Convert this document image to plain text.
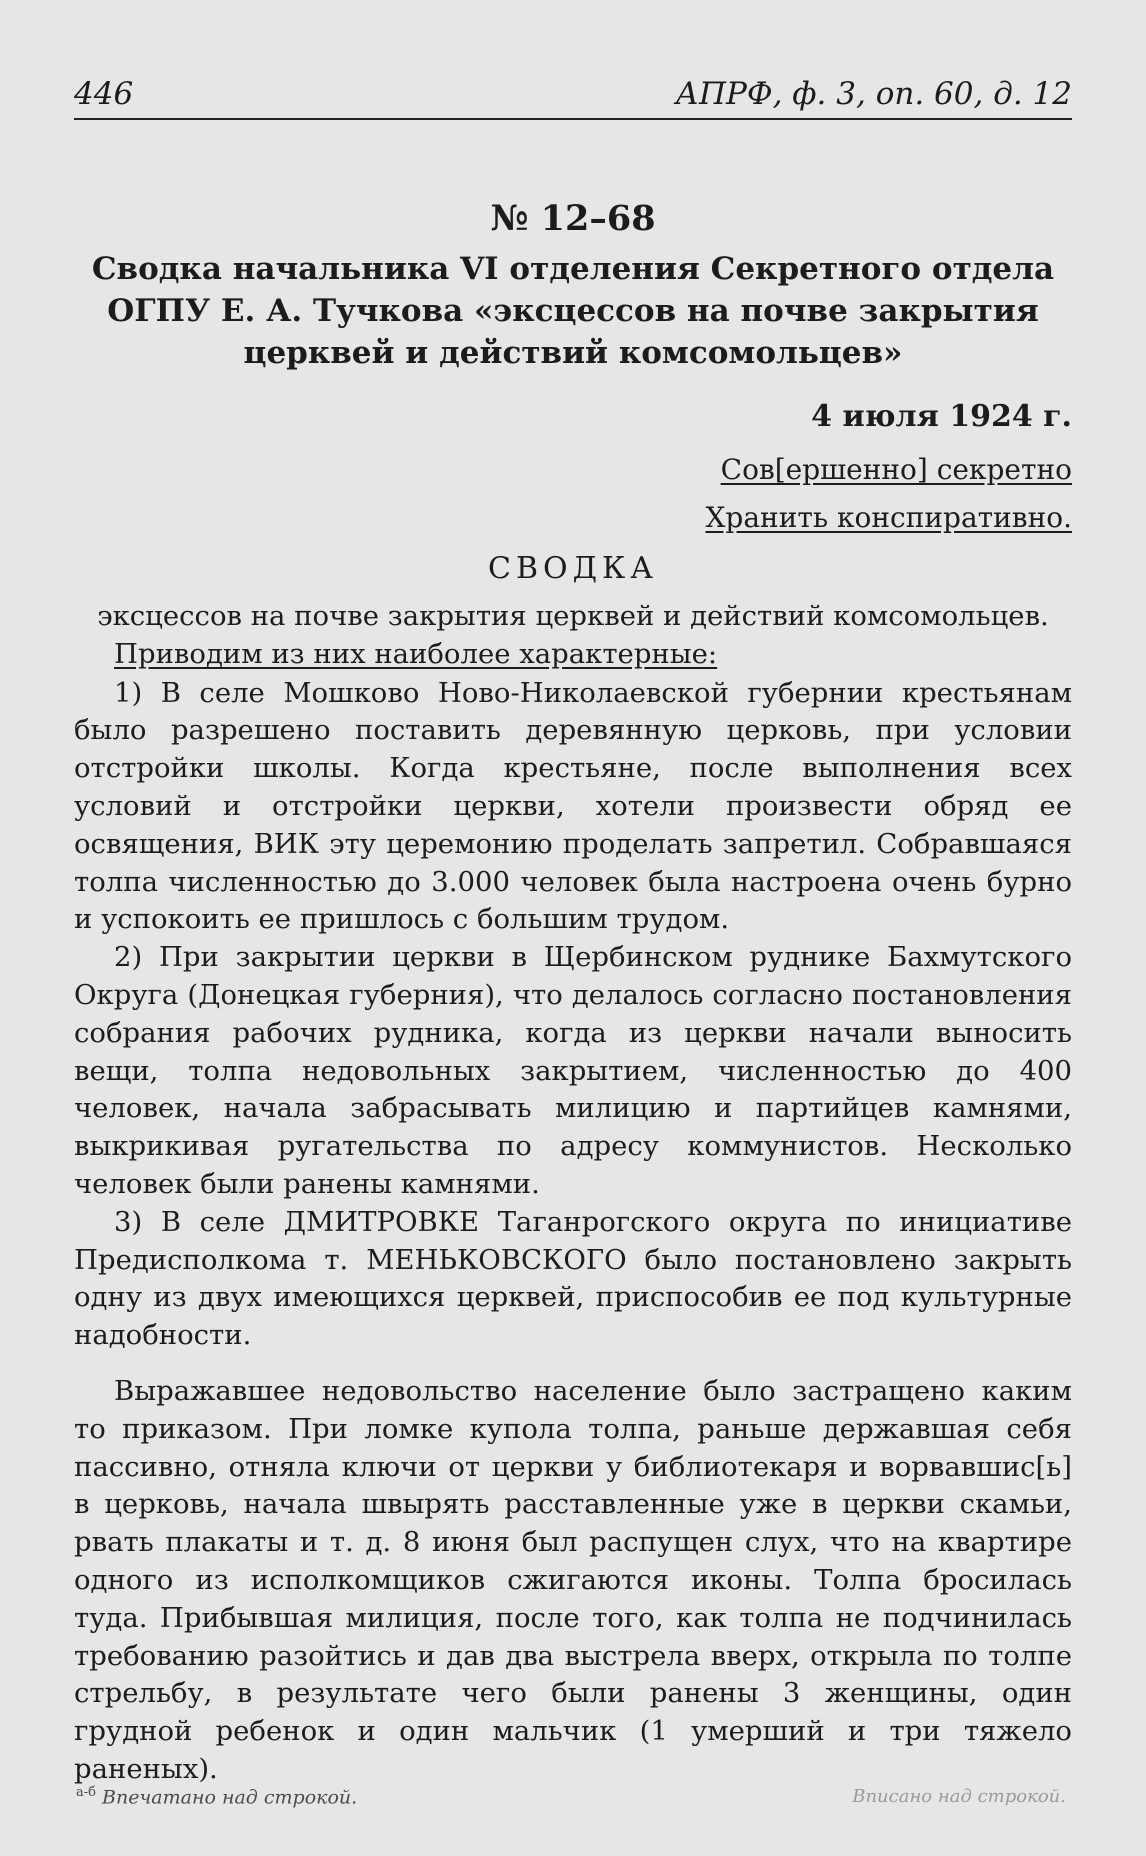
446	АПРФ, ф. 3, оп. 60, д. 12
№ 12–68
Сводка начальника VI отделения Секретного отдела
ОГПУ Е. А. Тучкова «эксцессов на почве закрытия
церквей и действий комсомольцев»
4 июля 1924 г.
Сов[ершенно] секретно
Хранить конспиративно.
СВОДКА

эксцессов на почве закрытия церквей и действий комсомольцев.

Приводим из них наиболее характерные:

1) В селе Мошково Ново-Николаевской губернии крестьянам было разрешено поставить деревянную церковь, при условии отстройки школы. Когда крестьяне, после выполнения всех условий и отстройки церкви, хотели произвести обряд ее освящения, ВИК эту церемонию проделать запретил. Собравшаяся толпа численностью до 3.000 человек была настроена очень бурно и успокоить ее пришлось с большим трудом.

2) При закрытии церкви в Щербинском руднике Бахмутского Округа (Донецкая губерния), что делалось согласно постановления собрания рабочих рудника, когда из церкви начали выносить вещи, толпа недовольных закрытием, численностью до 400 человек, начала забрасывать милицию и партийцев камнями, выкрикивая ругательства по адресу коммунистов. Несколько человек были ранены камнями.

3) В селе ДМИТРОВКЕ Таганрогского округа по инициативе Предисполкома т. МЕНЬКОВСКОГО было постановлено закрыть одну из двух имеющихся церквей, приспособив ее под культурные надобности.

Выражавшее недовольство население было застращено каким то приказом. При ломке купола толпа, раньше державшая себя пассивно, отняла ключи от церкви у библиотекаря и ворвавшис[ь] в церковь, начала швырять расставленные уже в церкви скамьи, рвать плакаты и т. д. 8 июня был распущен слух, что на квартире одного из исполкомщиков сжигаются иконы. Толпа бросилась туда. Прибывшая милиция, после того, как толпа не подчинилась требованию разойтись и дав два выстрела вверх, открыла по толпе стрельбу, в результате чего были ранены 3 женщины, один грудной ребенок и один мальчик (1 умерший и три тяжело раненых).

$^{а-б}$ Впечатано над строкой.	Вписано над строкой.
